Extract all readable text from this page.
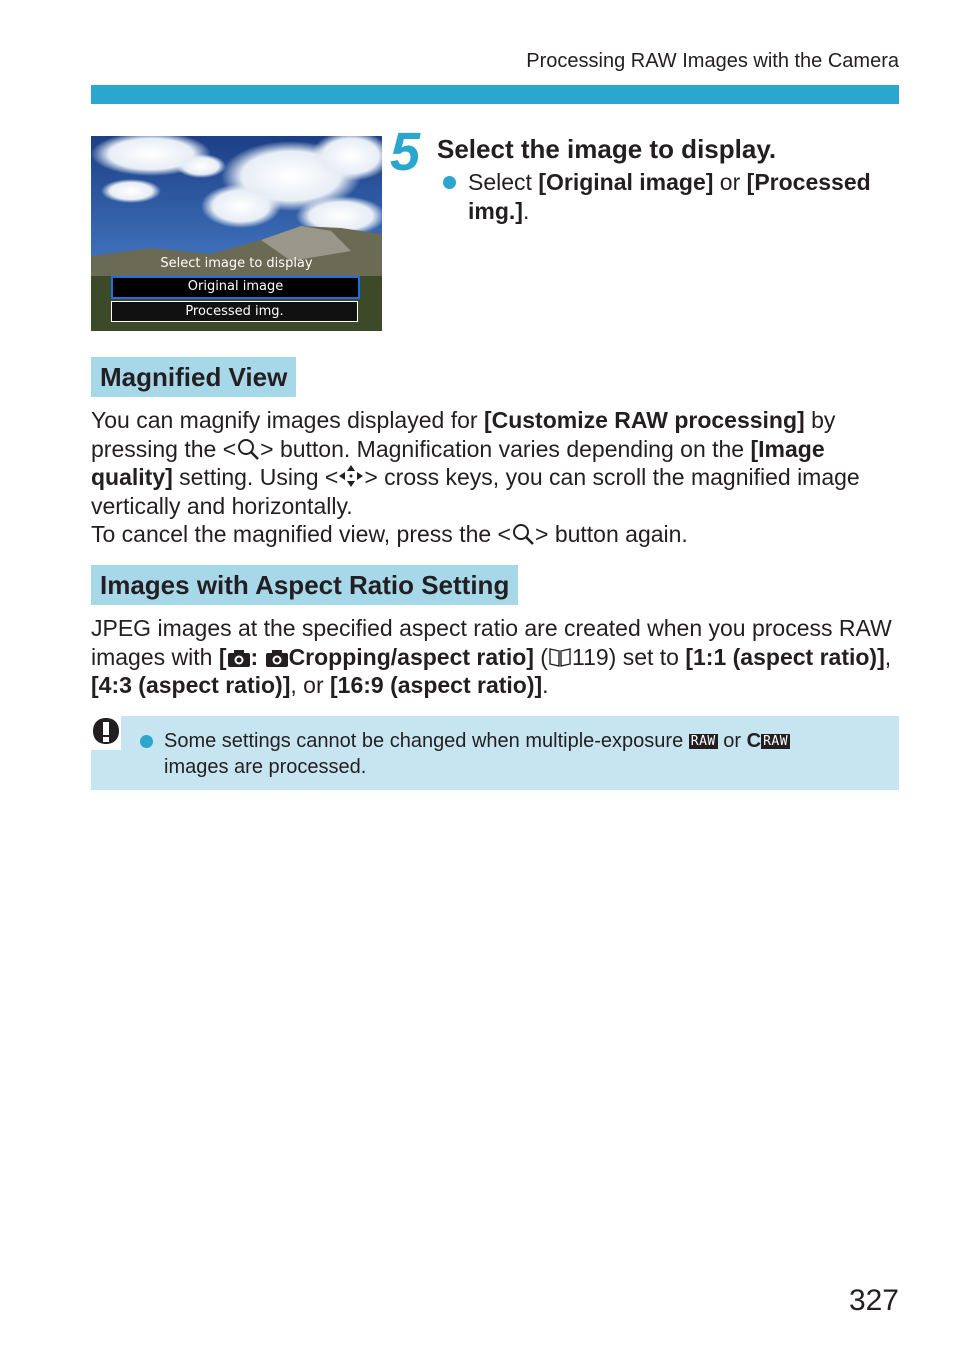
Processing RAW Images with the Camera
Select image to display
Original image
Processed img.
5 Select the image to display.
Select [Original image] or [Processed img.].
Magnified View
You can magnify images displayed for [Customize RAW processing] by pressing the < > button. Magnification varies depending on the [Image quality] setting. Using < > cross keys, you can scroll the magnified image vertically and horizontally.
To cancel the magnified view, press the < > button again.
Images with Aspect Ratio Setting
JPEG images at the specified aspect ratio are created when you process RAW images with [ : Cropping/aspect ratio] ( 119) set to [1:1 (aspect ratio)], [4:3 (aspect ratio)], or [16:9 (aspect ratio)].
Some settings cannot be changed when multiple-exposure RAW or C RAW
images are processed.
327
